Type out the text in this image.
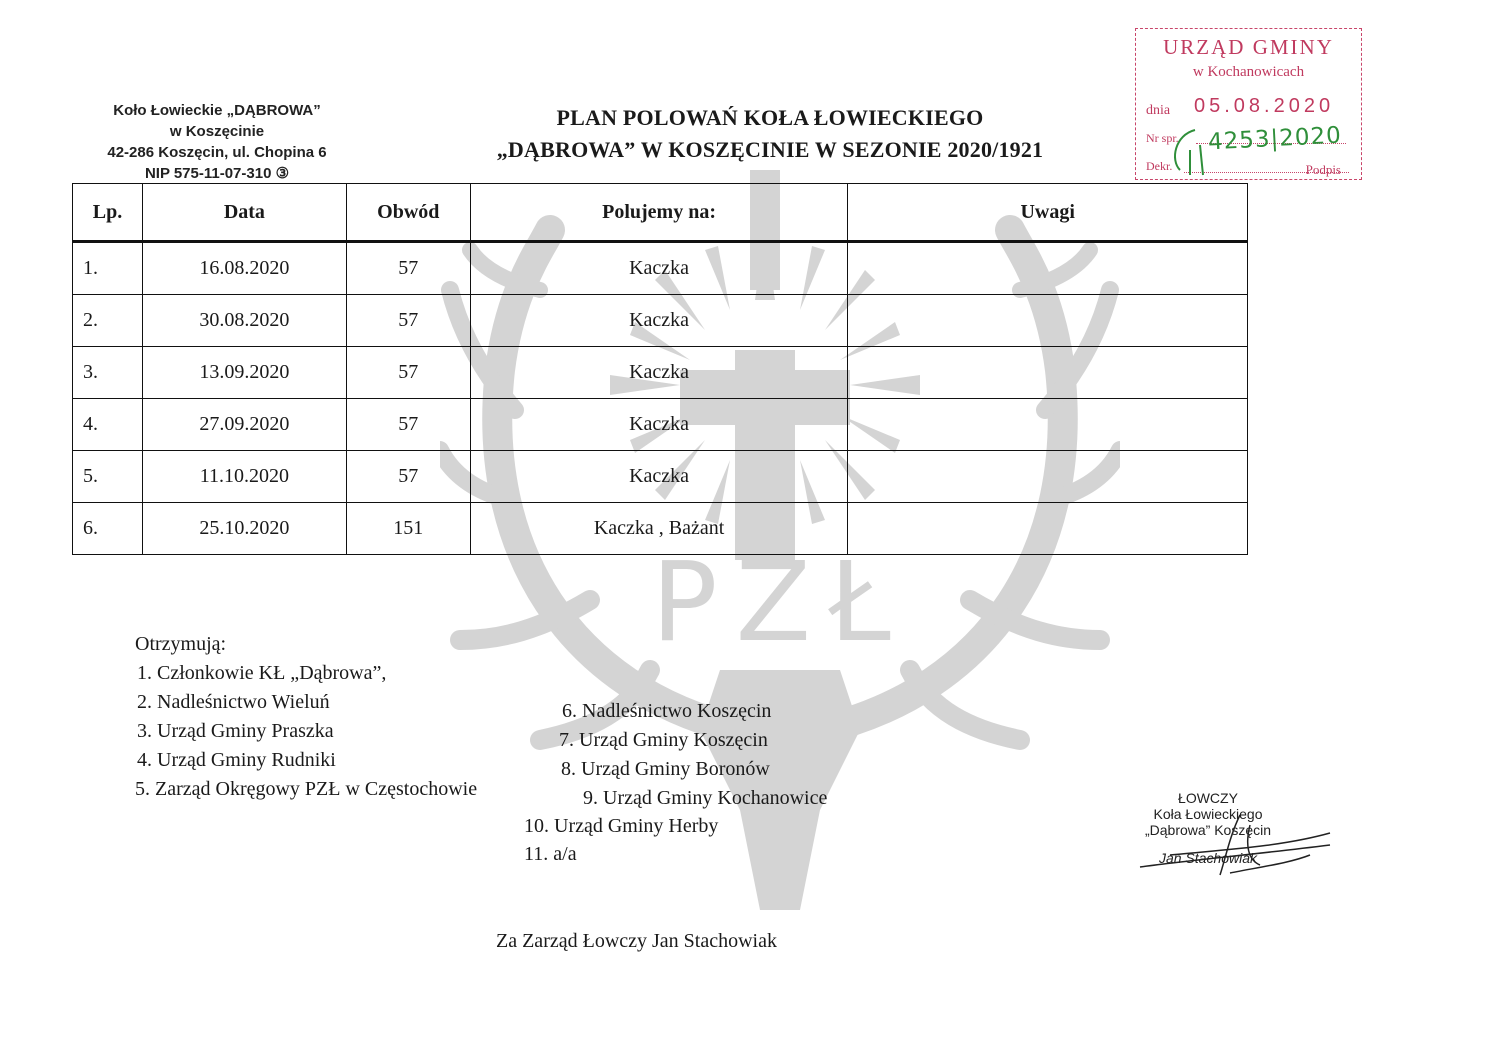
PZŁ
Koło Łowieckie „DĄBROWA”
w Koszęcinie
42-286 Koszęcin, ul. Chopina 6
NIP 575-11-07-310 ③
PLAN POLOWAŃ KOŁA ŁOWIECKIEGO
„DĄBROWA” W KOSZĘCINIE W SEZONIE 2020/1921
URZĄD GMINY
w Kochanowicach
dnia 05.08.2020
Nr spr.
Dekr.	Podpis
4253|2020
Lp.	Data	Obwód	Polujemy na:	Uwagi
1.	16.08.2020	57	Kaczka	
2.	30.08.2020	57	Kaczka	
3.	13.09.2020	57	Kaczka	
4.	27.09.2020	57	Kaczka	
5.	11.10.2020	57	Kaczka	
6.	25.10.2020	151	Kaczka , Bażant	
Otrzymują:
1. Członkowie KŁ „Dąbrowa”,
2. Nadleśnictwo Wieluń
3. Urząd Gminy Praszka
4. Urząd Gminy Rudniki
5. Zarząd Okręgowy PZŁ w Częstochowie
6. Nadleśnictwo Koszęcin
7. Urząd Gminy Koszęcin
8. Urząd Gminy Boronów
9. Urząd Gminy Kochanowice
10. Urząd Gminy Herby
11. a/a
Za Zarząd Łowczy Jan Stachowiak
ŁOWCZY
Koła Łowieckiego
„Dąbrowa” Koszęcin
Jan Stachowiak
